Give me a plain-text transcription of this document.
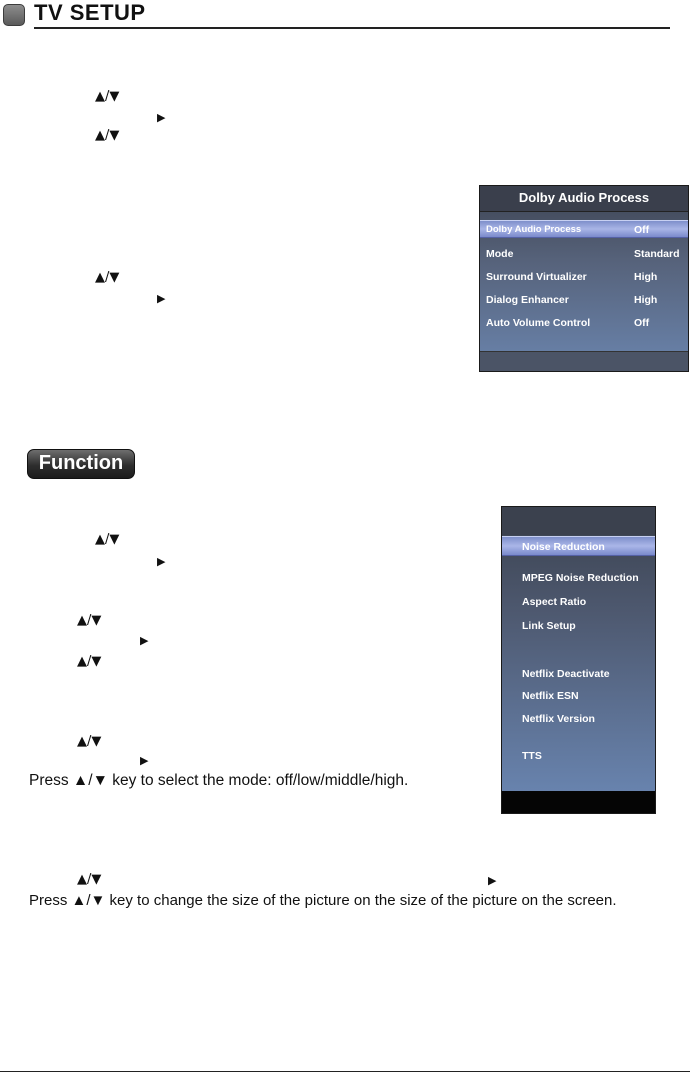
TV SETUP
▲/▼
▶
▲/▼
▲/▼
▶
Dolby Audio Process
Dolby Audio Process	Off
Mode	Standard
Surround Virtualizer	High
Dialog Enhancer	High
Auto Volume Control	Off
Function
▲/▼
▶
▲/▼
▶
▲/▼
▲/▼
▶
Press ▲/▼ key to select the mode: off/low/middle/high.
Noise Reduction
MPEG Noise Reduction
Aspect Ratio
Link Setup
Netflix Deactivate
Netflix ESN
Netflix Version
TTS
▲/▼	▶
Press ▲/▼ key to change the size of the picture on the size of the picture on the screen.
